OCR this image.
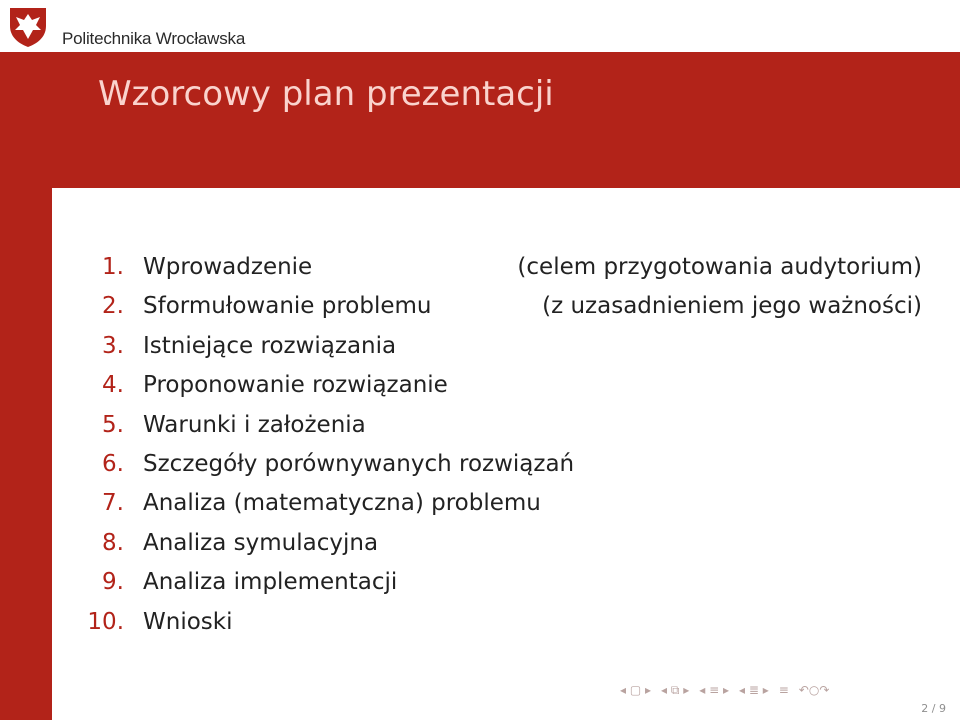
Politechnika Wrocławska
Wzorcowy plan prezentacji
1. Wprowadzenie	(celem przygotowania audytorium)
2. Sformułowanie problemu	(z uzasadnieniem jego ważności)
3. Istniejące rozwiązania
4. Proponowanie rozwiązanie
5. Warunki i założenia
6. Szczegóły porównywanych rozwiązań
7. Analiza (matematyczna) problemu
8. Analiza symulacyjna
9. Analiza implementacji
10. Wnioski
◂ ▢ ▸ ◂ ⧉ ▸ ◂ ≡ ▸ ◂ ≣ ▸ ≡ ↶○↷
2 / 9
